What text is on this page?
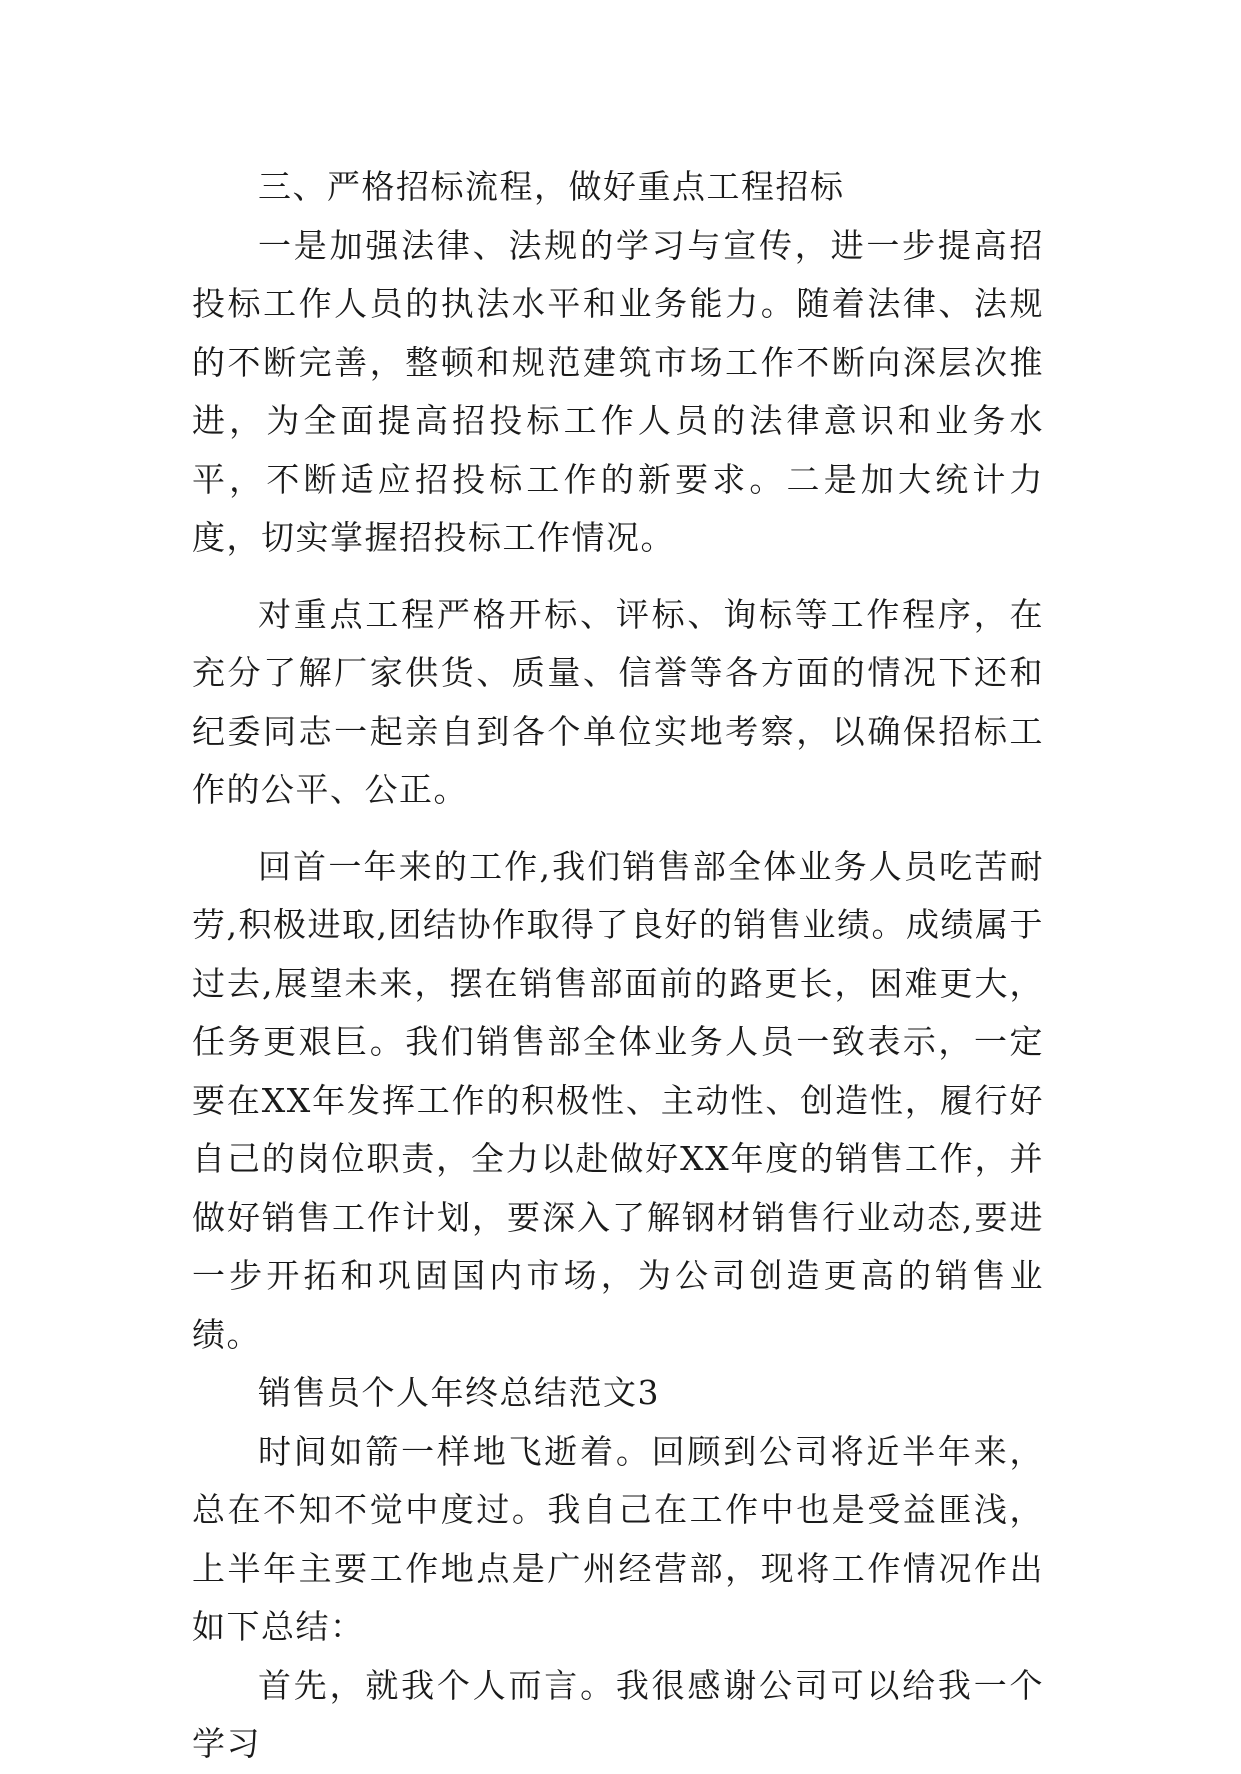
三、严格招标流程，做好重点工程招标

一是加强法律、法规的学习与宣传，进一步提高招投标工作人员的执法水平和业务能力。随着法律、法规的不断完善，整顿和规范建筑市场工作不断向深层次推进，为全面提高招投标工作人员的法律意识和业务水平，不断适应招投标工作的新要求。二是加大统计力度，切实掌握招投标工作情况。

对重点工程严格开标、评标、询标等工作程序，在充分了解厂家供货、质量、信誉等各方面的情况下还和纪委同志一起亲自到各个单位实地考察，以确保招标工作的公平、公正。

回首一年来的工作,我们销售部全体业务人员吃苦耐劳,积极进取,团结协作取得了良好的销售业绩。成绩属于过去,展望未来，摆在销售部面前的路更长，困难更大，任务更艰巨。我们销售部全体业务人员一致表示，一定要在XX年发挥工作的积极性、主动性、创造性，履行好自己的岗位职责，全力以赴做好XX年度的销售工作，并做好销售工作计划，要深入了解钢材销售行业动态,要进一步开拓和巩固国内市场，为公司创造更高的销售业绩。

销售员个人年终总结范文3

时间如箭一样地飞逝着。回顾到公司将近半年来，总在不知不觉中度过。我自己在工作中也是受益匪浅，上半年主要工作地点是广州经营部，现将工作情况作出如下总结：

首先，就我个人而言。我很感谢公司可以给我一个学习
